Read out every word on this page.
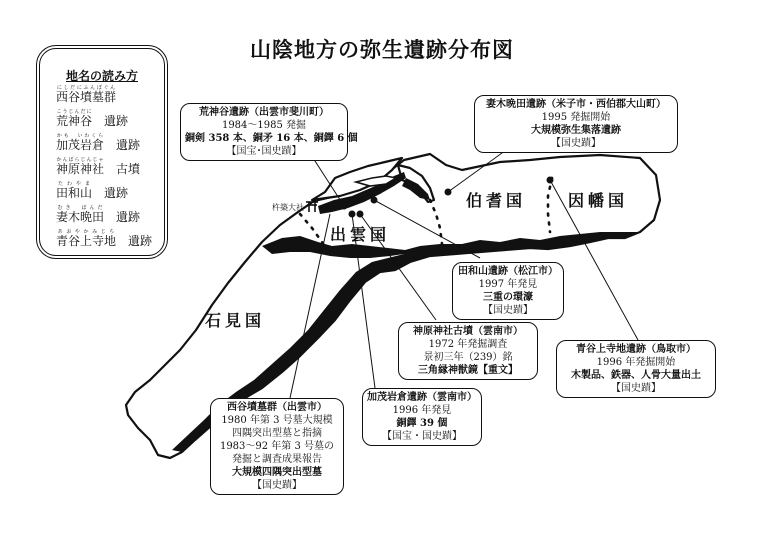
山陰地方の弥生遺跡分布図
地名の読み方
西谷墳墓群にしだにふんぼぐん
荒神谷こうじんだに　遺跡
加茂岩倉かも　いわくら　遺跡
神原神社かんばらじんじゃ　古墳
田和山たわやま　遺跡
妻木晩田むき　ばんだ　遺跡
青谷上寺地あおやかみじち　遺跡	出雲国
伯耆国	因幡国
石見国
杵築大社
荒神谷遺跡（出雲市斐川町）
1984～1985 発掘
銅剣 358 本、銅矛 16 本、銅鐸 6 個
【国宝･国史蹟】
妻木晩田遺跡（米子市・西伯郡大山町）
1995 発掘開始
大規模弥生集落遺跡
【国史蹟】
田和山遺跡（松江市）
1997 年発見
三重の環濠
【国史蹟】
神原神社古墳（雲南市）
1972 年発掘調査
景初三年（239）銘
三角縁神獣鏡【重文】
青谷上寺地遺跡（鳥取市）
1996 年発掘開始
木製品、鉄器、人骨大量出土
【国史蹟】
加茂岩倉遺跡（雲南市）
1996 年発見
銅鐸 39 個
【国宝・国史蹟】
西谷墳墓群（出雲市）
1980 年第 3 号墓大規模
四隅突出型墓と指摘
1983～92 年第 3 号墓の
発掘と調査成果報告
大規模四隅突出型墓
【国史蹟】
